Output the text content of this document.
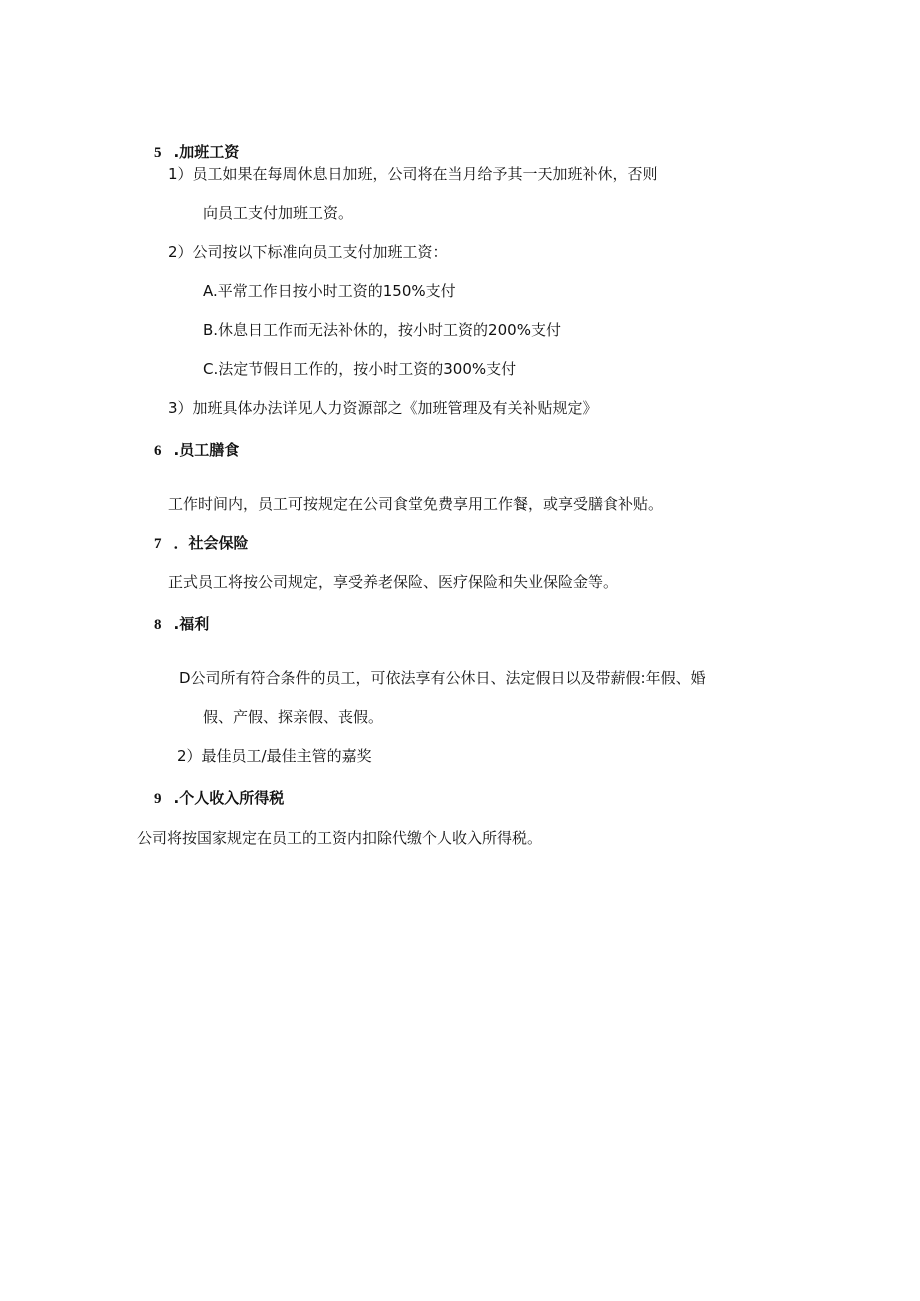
5 .加班工资
1）员工如果在每周休息日加班，公司将在当月给予其一天加班补休，否则
向员工支付加班工资。
2）公司按以下标准向员工支付加班工资：
A.平常工作日按小时工资的150%支付
B.休息日工作而无法补休的，按小时工资的200%支付
C.法定节假日工作的，按小时工资的300%支付
3）加班具体办法详见人力资源部之《加班管理及有关补贴规定》
6 .员工膳食
工作时间内，员工可按规定在公司食堂免费享用工作餐，或享受膳食补贴。
7 ．社会保险
正式员工将按公司规定，享受养老保险、医疗保险和失业保险金等。
8 .福利
D公司所有符合条件的员工，可依法享有公休日、法定假日以及带薪假:年假、婚
假、产假、探亲假、丧假。
2）最佳员工/最佳主管的嘉奖
9 .个人收入所得税
公司将按国家规定在员工的工资内扣除代缴个人收入所得税。
